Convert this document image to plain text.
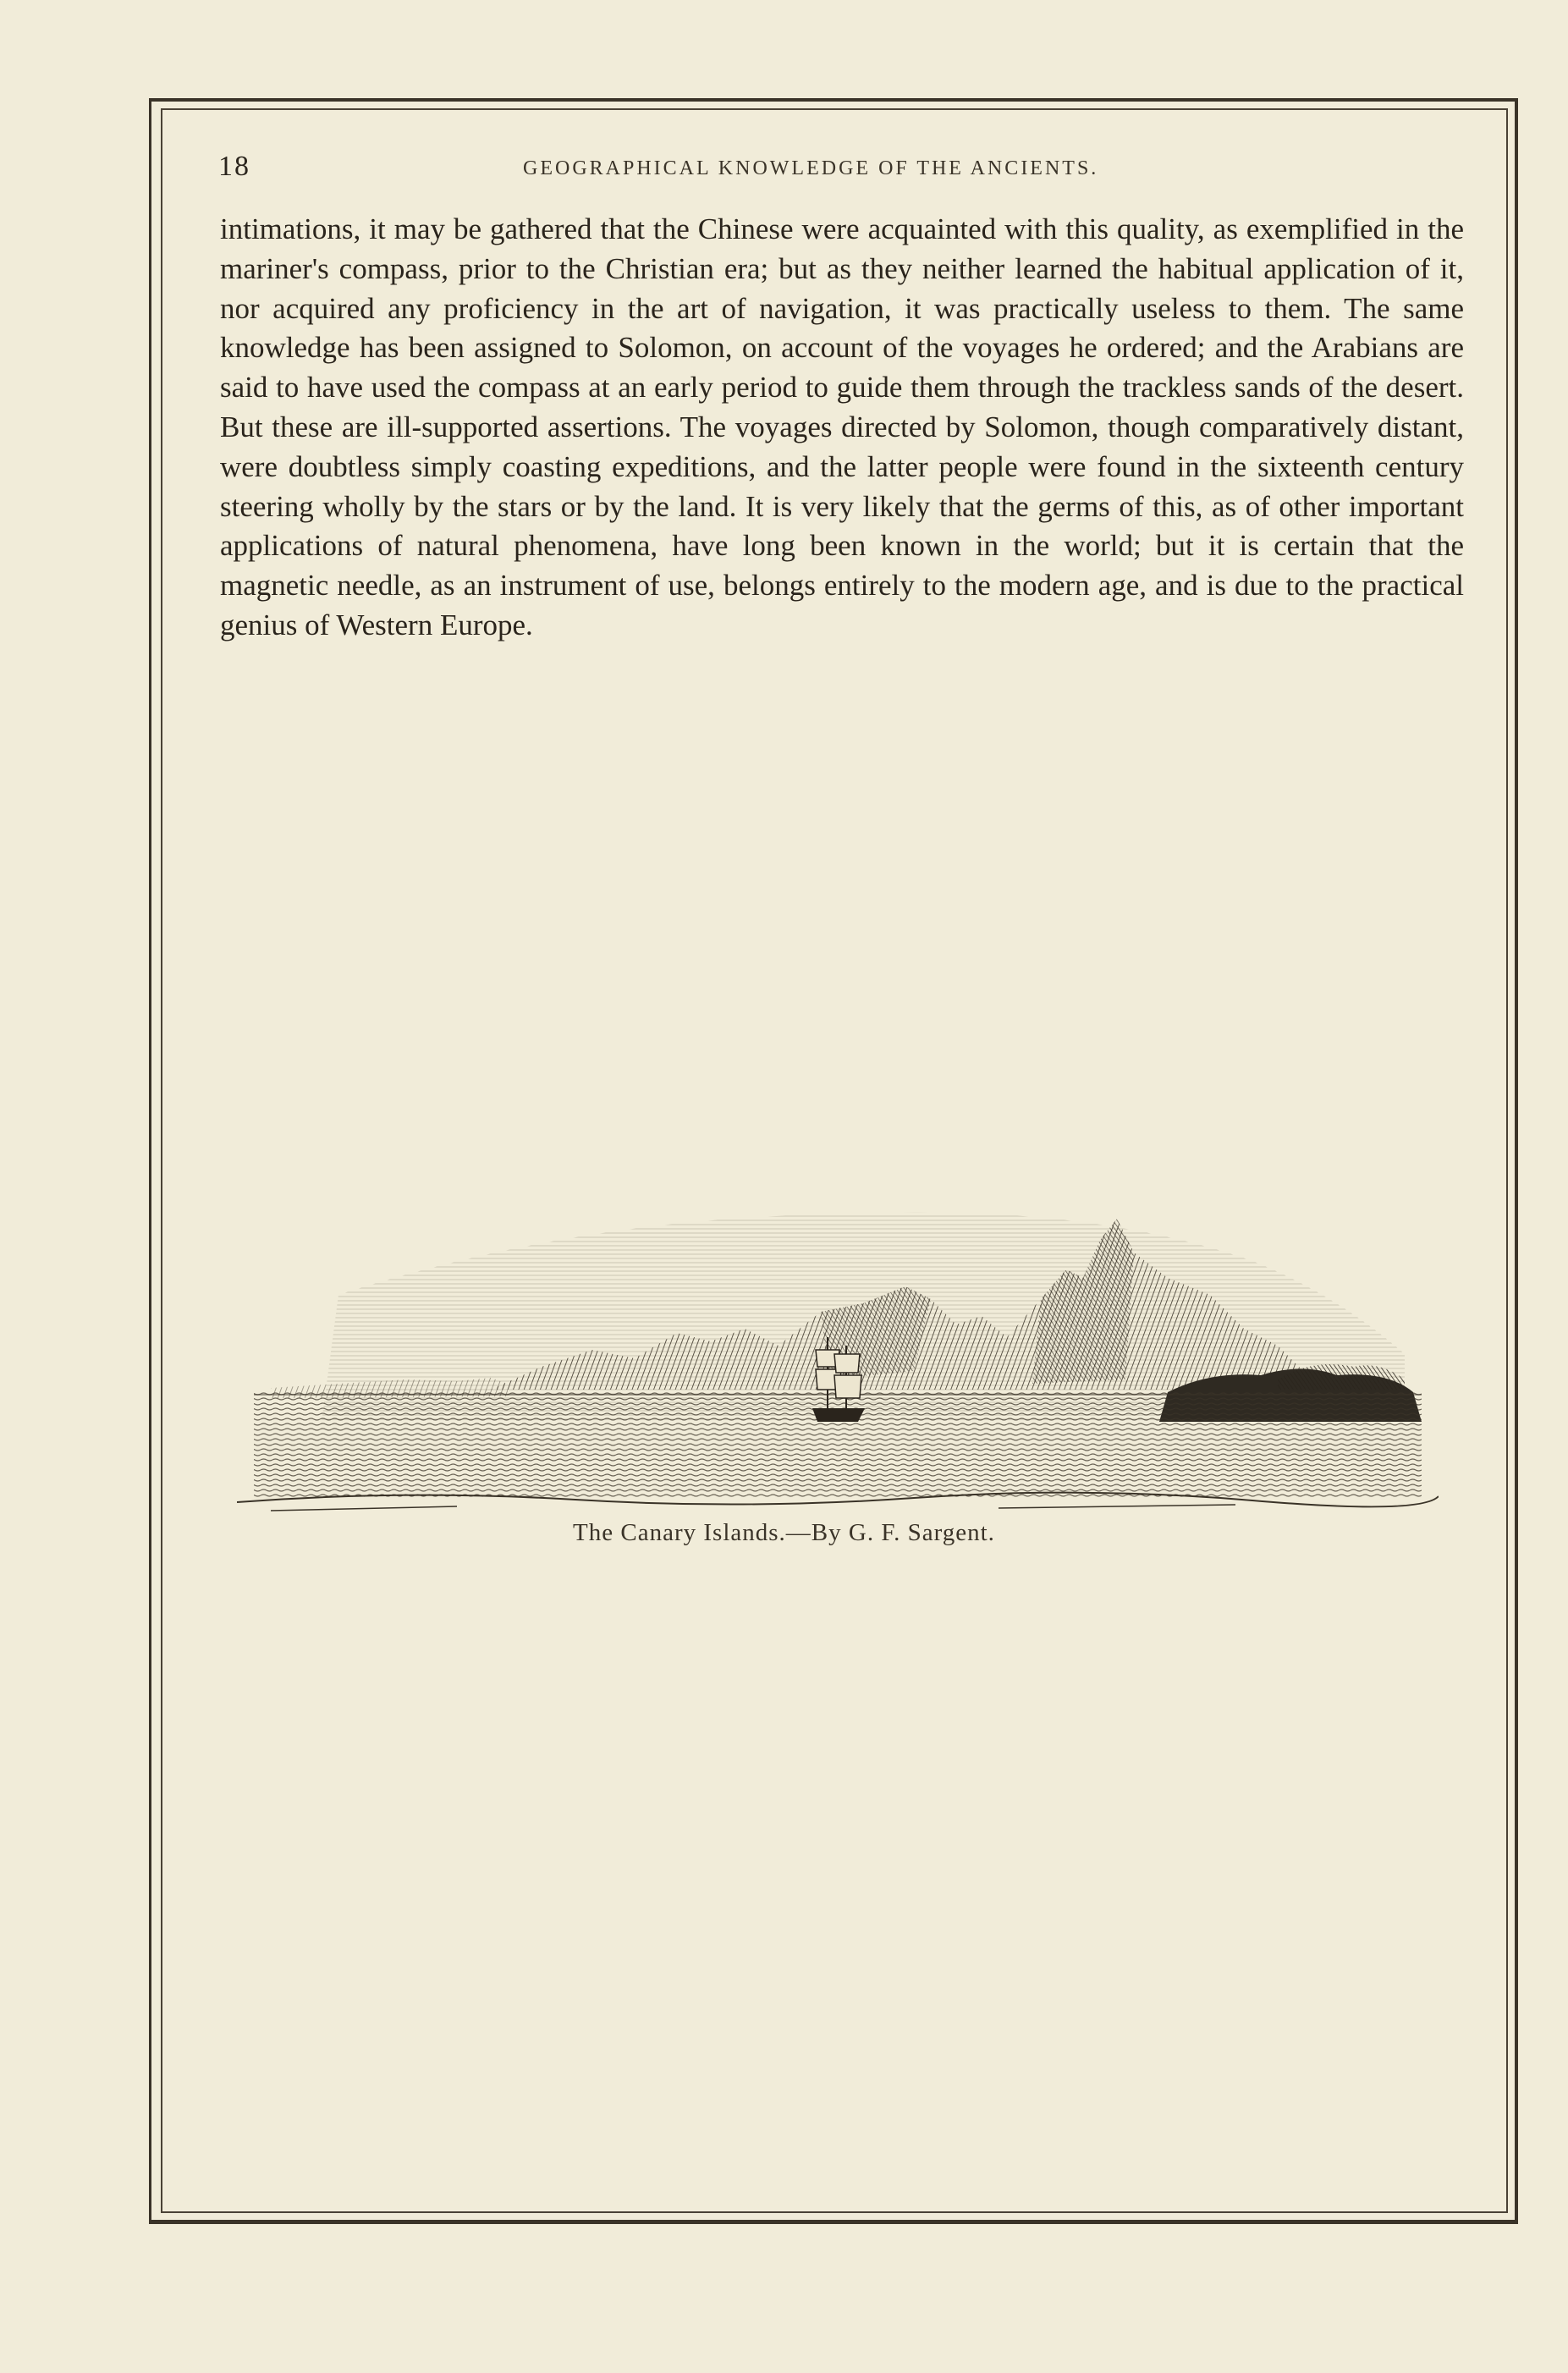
18	GEOGRAPHICAL KNOWLEDGE OF THE ANCIENTS.

intimations, it may be gathered that the Chinese were acquainted with this quality, as exemplified in the mariner's compass, prior to the Christian era; but as they neither learned the habitual application of it, nor acquired any proficiency in the art of navigation, it was practically useless to them. The same knowledge has been assigned to Solomon, on account of the voyages he ordered; and the Arabians are said to have used the compass at an early period to guide them through the trackless sands of the desert. But these are ill-supported assertions. The voyages directed by Solomon, though comparatively distant, were doubtless simply coasting expeditions, and the latter people were found in the sixteenth century steering wholly by the stars or by the land. It is very likely that the germs of this, as of other important applications of natural phenomena, have long been known in the world; but it is certain that the magnetic needle, as an instrument of use, belongs entirely to the modern age, and is due to the practical genius of Western Europe.

The Canary Islands.—By G. F. Sargent.
